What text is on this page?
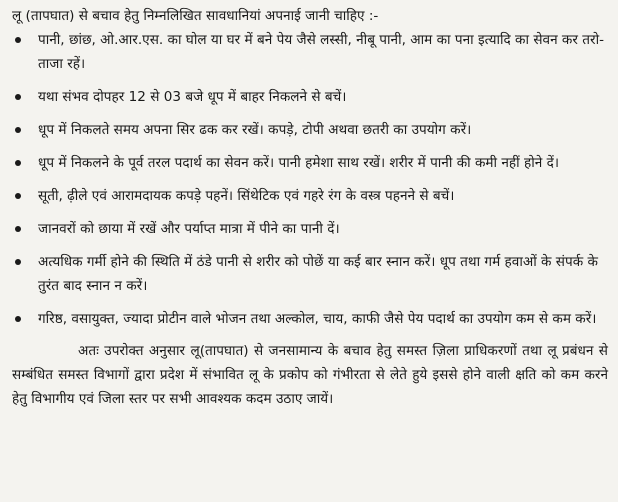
लू (तापघात) से बचाव हेतु निम्नलिखित सावधानियां अपनाई जानी चाहिए :-

पानी, छांछ, ओ.आर.एस. का घोल या घर में बने पेय जैसे लस्सी, नीबू पानी, आम का पना इत्यादि का सेवन कर तरो-ताजा रहें।
यथा संभव दोपहर 12 से 03 बजे धूप में बाहर निकलने से बचें।
धूप में निकलते समय अपना सिर ढक कर रखें। कपड़े, टोपी अथवा छतरी का उपयोग करें।
धूप में निकलने के पूर्व तरल पदार्थ का सेवन करें। पानी हमेशा साथ रखें। शरीर में पानी की कमी नहीं होने दें।
सूती, ढ़ीले एवं आरामदायक कपड़े पहनें। सिंथेटिक एवं गहरे रंग के वस्त्र पहनने से बचें।
जानवरों को छाया में रखें और पर्याप्त मात्रा में पीने का पानी दें।
अत्यधिक गर्मी होने की स्थिति में ठंडे पानी से शरीर को पोछें या कई बार स्नान करें। धूप तथा गर्म हवाओं के संपर्क के तुरंत बाद स्नान न करें।
गरिष्ठ, वसायुक्त, ज्यादा प्रोटीन वाले भोजन तथा अल्कोल, चाय, काफी जैसे पेय पदार्थ का उपयोग कम से कम करें।

अतः उपरोक्त अनुसार लू(तापघात) से जनसामान्य के बचाव हेतु समस्त ज़िला प्राधिकरणों तथा लू प्रबंधन से सम्बंधित समस्त विभागों द्वारा प्रदेश में संभावित लू के प्रकोप को गंभीरता से लेते हुये इससे होने वाली क्षति को कम करने हेतु विभागीय एवं जिला स्तर पर सभी आवश्यक कदम उठाए जायें।
